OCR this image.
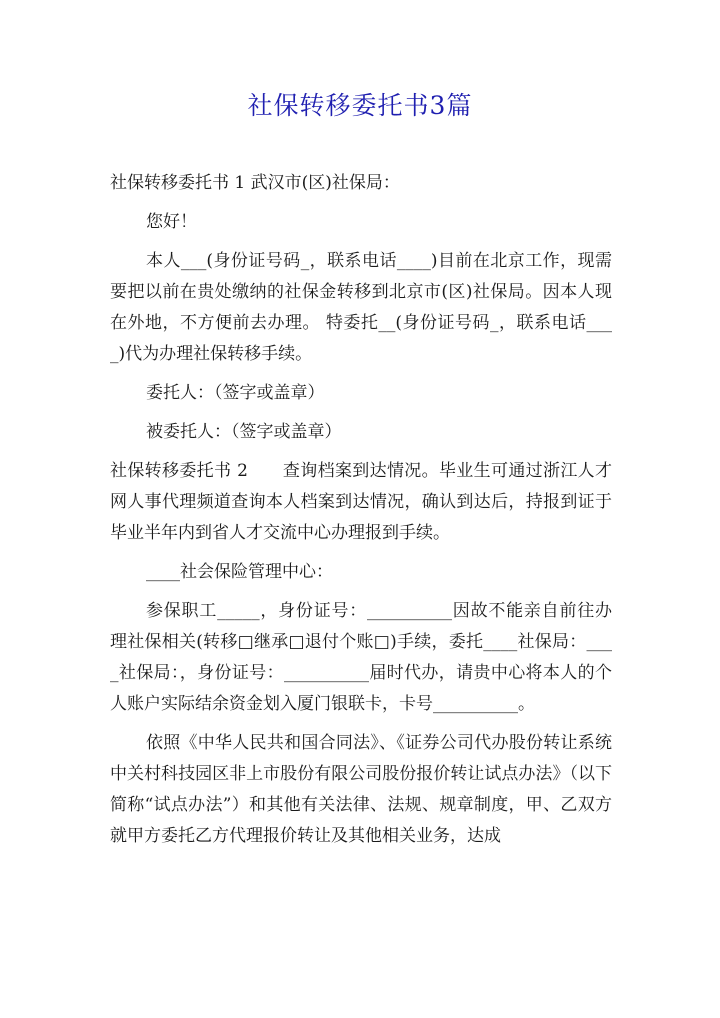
社保转移委托书3篇

社保转移委托书 1 武汉市(区)社保局：

您好！

本人___(身份证号码_，联系电话____)目前在北京工作，现需要把以前在贵处缴纳的社保金转移到北京市(区)社保局。因本人现在外地，不方便前去办理。 特委托__(身份证号码_，联系电话____)代为办理社保转移手续。

委托人：（签字或盖章）

被委托人：（签字或盖章）

社保转移委托书 2　　查询档案到达情况。毕业生可通过浙江人才网人事代理频道查询本人档案到达情况，确认到达后，持报到证于毕业半年内到省人才交流中心办理报到手续。

____社会保险管理中心：

参保职工_____，身份证号：__________因故不能亲自前往办理社保相关(转移□继承□退付个账□)手续，委托____社保局：____社保局：，身份证号：__________届时代办，请贵中心将本人的个人账户实际结余资金划入厦门银联卡，卡号__________。

依照《中华人民共和国合同法》、《证券公司代办股份转让系统中关村科技园区非上市股份有限公司股份报价转让试点办法》（以下简称“试点办法”）和其他有关法律、法规、规章制度，甲、乙双方就甲方委托乙方代理报价转让及其他相关业务，达成
